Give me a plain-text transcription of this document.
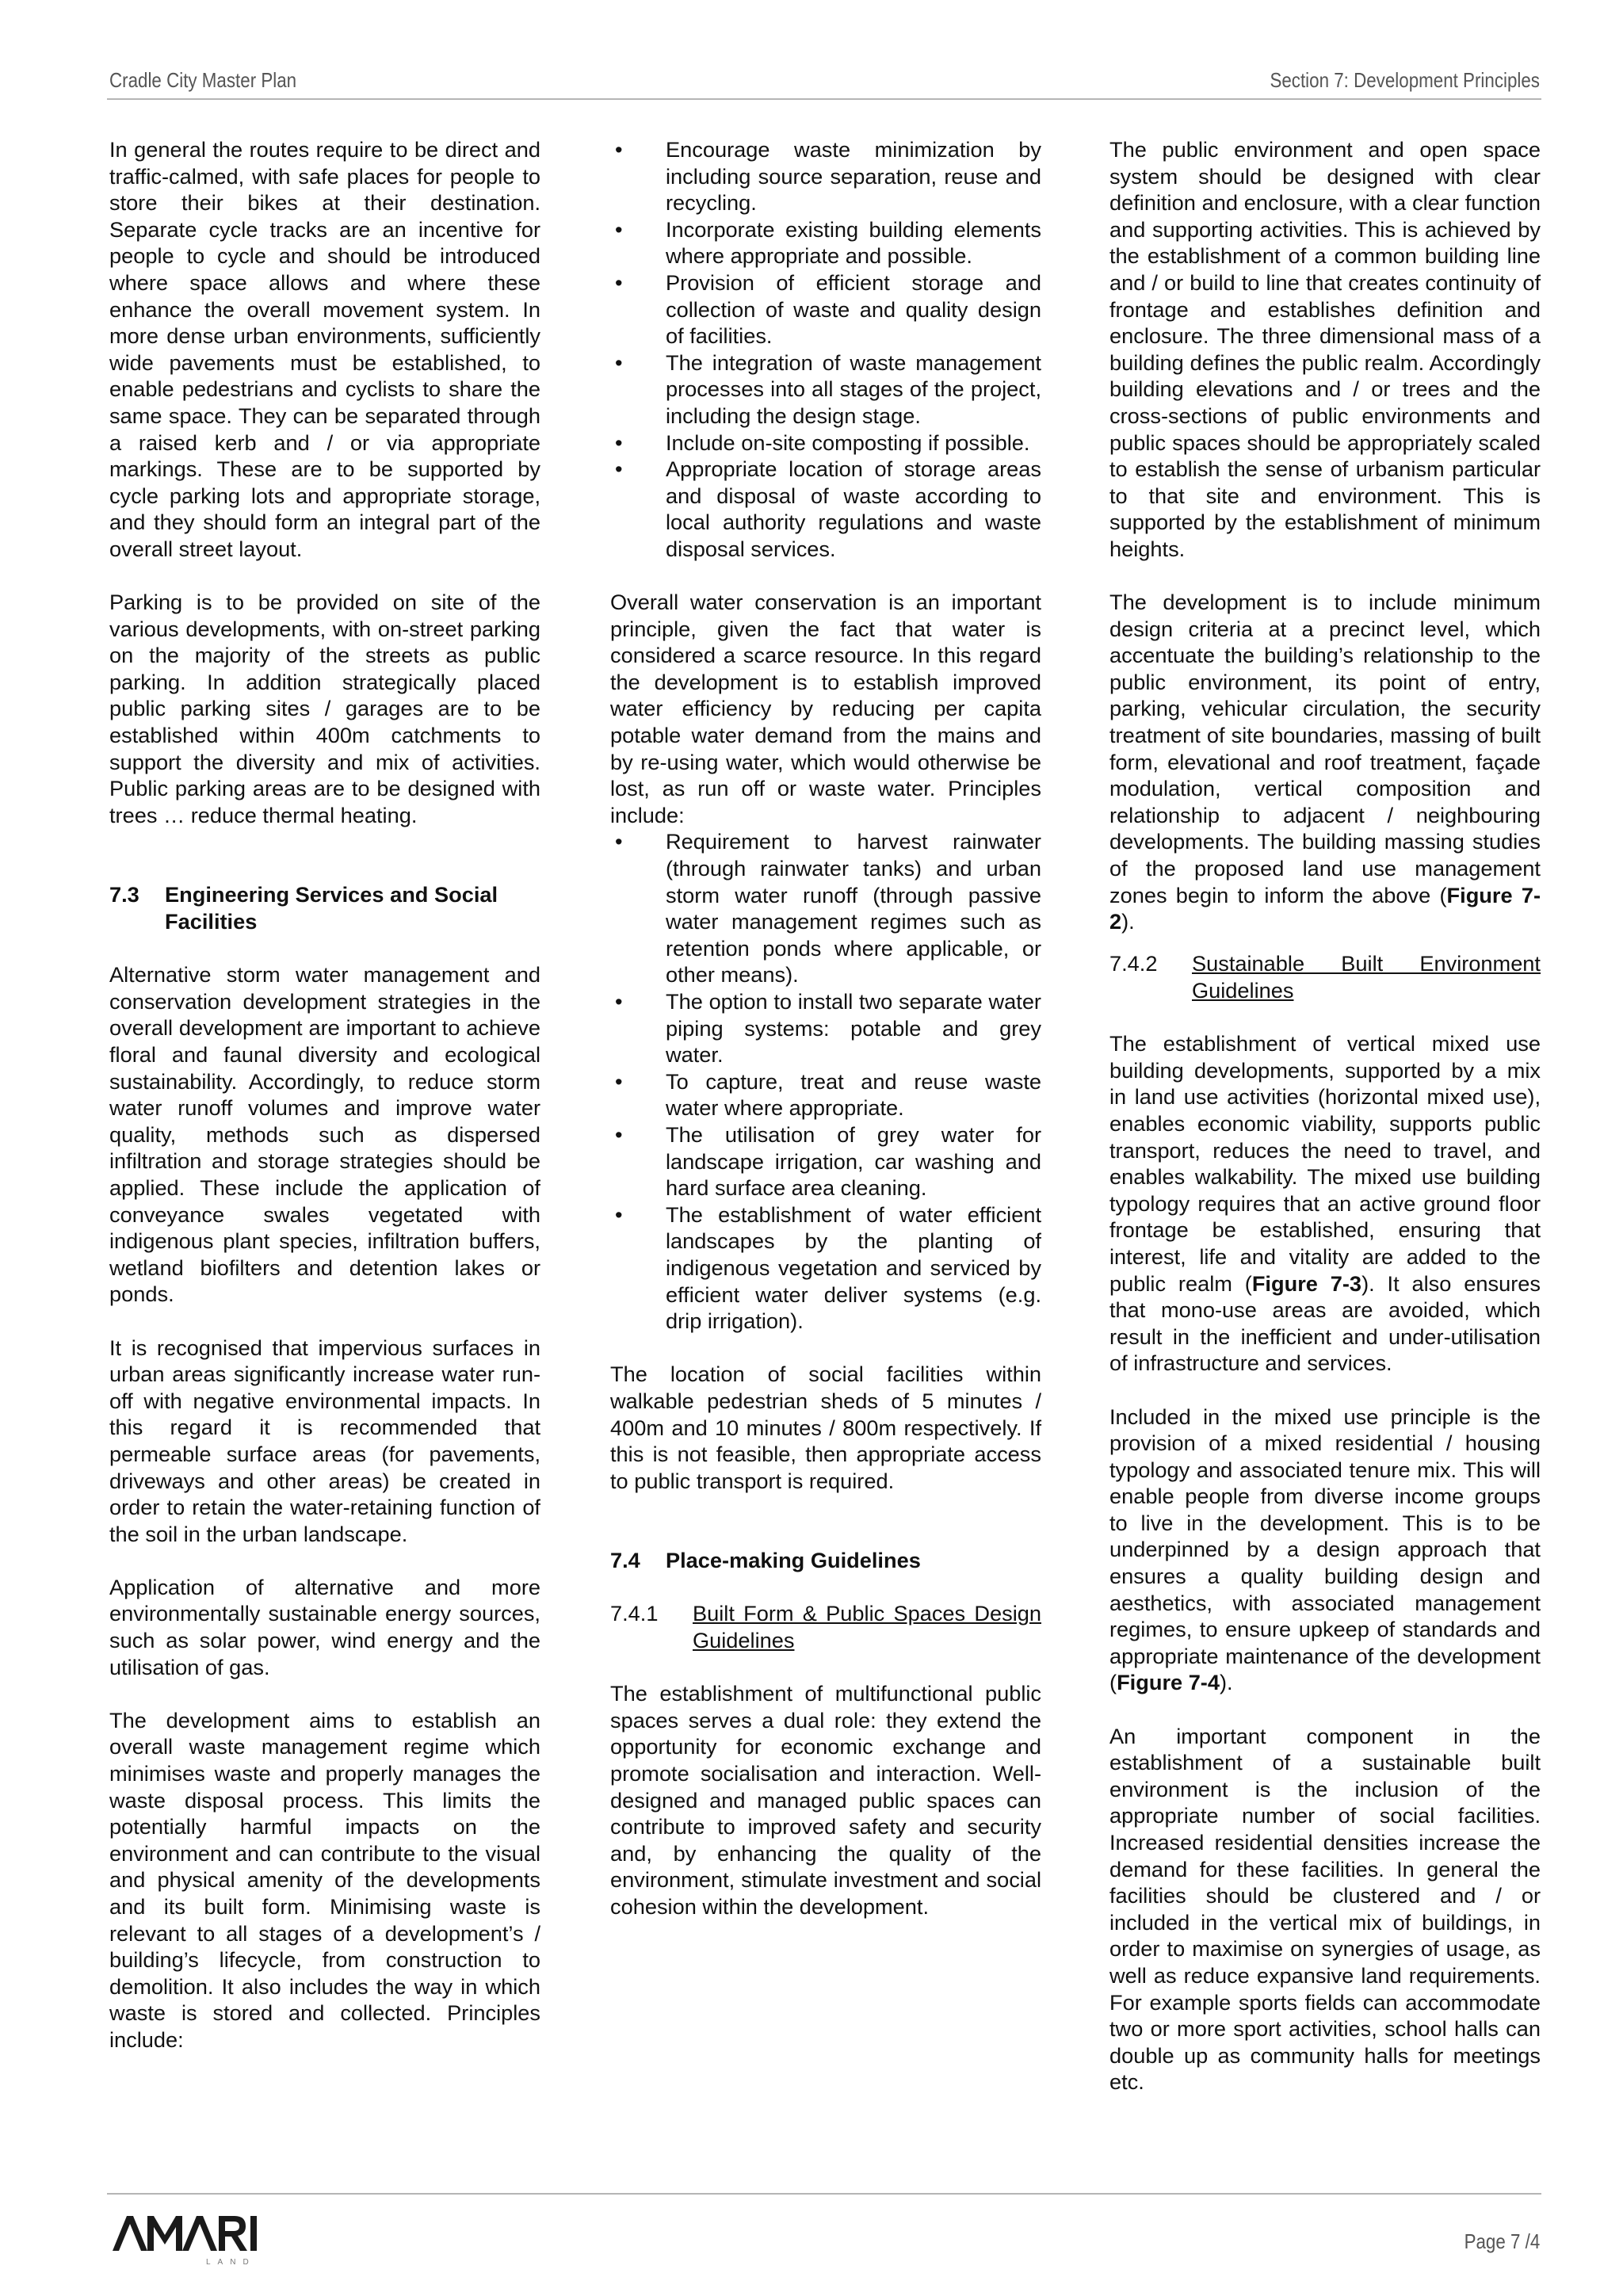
Cradle City Master Plan	Section 7: Development Principles

In general the routes require to be direct and traffic-calmed, with safe places for people to store their bikes at their destination. Separate cycle tracks are an incentive for people to cycle and should be introduced where space allows and where these enhance the overall movement system. In more dense urban environments, sufficiently wide pavements must be established, to enable pedestrians and cyclists to share the same space. They can be separated through a raised kerb and / or via appropriate markings. These are to be supported by cycle parking lots and appropriate storage, and they should form an integral part of the overall street layout.

Parking is to be provided on site of the various developments, with on-street parking on the majority of the streets as public parking. In addition strategically placed public parking sites / garages are to be established within 400m catchments to support the diversity and mix of activities. Public parking areas are to be designed with trees … reduce thermal heating.

7.3	Engineering Services and Social Facilities

Alternative storm water management and conservation development strategies in the overall development are important to achieve floral and faunal diversity and ecological sustainability. Accordingly, to reduce storm water runoff volumes and improve water quality, methods such as dispersed infiltration and storage strategies should be applied. These include the application of conveyance swales vegetated with indigenous plant species, infiltration buffers, wetland biofilters and detention lakes or ponds.

It is recognised that impervious surfaces in urban areas significantly increase water run-off with negative environmental impacts. In this regard it is recommended that permeable surface areas (for pavements, driveways and other areas) be created in order to retain the water-retaining function of the soil in the urban landscape.

Application of alternative and more environmentally sustainable energy sources, such as solar power, wind energy and the utilisation of gas.

The development aims to establish an overall waste management regime which minimises waste and properly manages the waste disposal process. This limits the potentially harmful impacts on the environment and can contribute to the visual and physical amenity of the developments and its built form. Minimising waste is relevant to all stages of a development’s / building’s lifecycle, from construction to demolition. It also includes the way in which waste is stored and collected. Principles include:

• Encourage waste minimization by including source separation, reuse and recycling.
• Incorporate existing building elements where appropriate and possible.
• Provision of efficient storage and collection of waste and quality design of facilities.
• The integration of waste management processes into all stages of the project, including the design stage.
• Include on-site composting if possible.
• Appropriate location of storage areas and disposal of waste according to local authority regulations and waste disposal services.

Overall water conservation is an important principle, given the fact that water is considered a scarce resource. In this regard the development is to establish improved water efficiency by reducing per capita potable water demand from the mains and by re-using water, which would otherwise be lost, as run off or waste water. Principles include:

• Requirement to harvest rainwater (through rainwater tanks) and urban storm water runoff (through passive water management regimes such as retention ponds where applicable, or other means).
• The option to install two separate water piping systems: potable and grey water.
• To capture, treat and reuse waste water where appropriate.
• The utilisation of grey water for landscape irrigation, car washing and hard surface area cleaning.
• The establishment of water efficient landscapes by the planting of indigenous vegetation and serviced by efficient water deliver systems (e.g. drip irrigation).

The location of social facilities within walkable pedestrian sheds of 5 minutes / 400m and 10 minutes / 800m respectively. If this is not feasible, then appropriate access to public transport is required.

7.4	Place-making Guidelines
7.4.1	Built Form & Public Spaces Design Guidelines

The establishment of multifunctional public spaces serves a dual role: they extend the opportunity for economic exchange and promote socialisation and interaction. Well-designed and managed public spaces can contribute to improved safety and security and, by enhancing the quality of the environment, stimulate investment and social cohesion within the development.

The public environment and open space system should be designed with clear definition and enclosure, with a clear function and supporting activities. This is achieved by the establishment of a common building line and / or build to line that creates continuity of frontage and establishes definition and enclosure. The three dimensional mass of a building defines the public realm. Accordingly building elevations and / or trees and the cross-sections of public environments and public spaces should be appropriately scaled to establish the sense of urbanism particular to that site and environment. This is supported by the establishment of minimum heights.

The development is to include minimum design criteria at a precinct level, which accentuate the building’s relationship to the public environment, its point of entry, parking, vehicular circulation, the security treatment of site boundaries, massing of built form, elevational and roof treatment, façade modulation, vertical composition and relationship to adjacent / neighbouring developments. The building massing studies of the proposed land use management zones begin to inform the above (Figure 7-2).

7.4.2	Sustainable Built Environment Guidelines

The establishment of vertical mixed use building developments, supported by a mix in land use activities (horizontal mixed use), enables economic viability, supports public transport, reduces the need to travel, and enables walkability. The mixed use building typology requires that an active ground floor frontage be established, ensuring that interest, life and vitality are added to the public realm (Figure 7-3). It also ensures that mono-use areas are avoided, which result in the inefficient and under-utilisation of infrastructure and services.

Included in the mixed use principle is the provision of a mixed residential / housing typology and associated tenure mix. This will enable people from diverse income groups to live in the development. This is to be underpinned by a design approach that ensures a quality building design and aesthetics, with associated management regimes, to ensure upkeep of standards and appropriate maintenance of the development (Figure 7-4).

An important component in the establishment of a sustainable built environment is the inclusion of the appropriate number of social facilities. Increased residential densities increase the demand for these facilities. In general the facilities should be clustered and / or included in the vertical mix of buildings, in order to maximise on synergies of usage, as well as reduce expansive land requirements. For example sports fields can accommodate two or more sport activities, school halls can double up as community halls for meetings etc.

LAND
Page 7 /4
